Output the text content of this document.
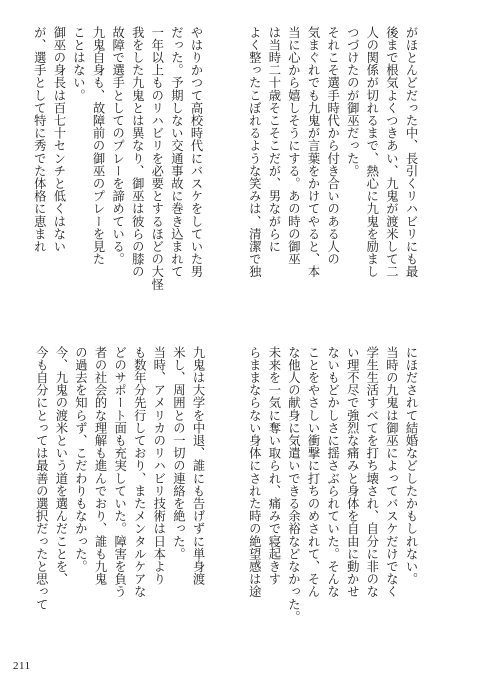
がほとんどだった中、長引くリハビリにも最
後まで根気よくつきあい、九鬼が渡米して二
人の関係が切れるまで、熱心に九鬼を励まし
つづけたのが御巫だった。
それこそ選手時代から付き合いのある人の
気まぐれでも九鬼が言葉をかけてやると、本
当に心から嬉しそうにする。あの時の御巫
は当時二十歳そこそこだが、男ながらに
よく整ったこぼれるような笑みは、清潔で独
やはりかつて高校時代にバスケをしていた男
だった。予期しない交通事故に巻き込まれて
一年以上ものリハビリを必要とするほどの大怪
我をした九鬼とは異なり、御巫は彼らの膝の
故障で選手としてのプレーを諦めている。
九鬼自身も、故障前の御巫のプレーを見た
ことはない。
御巫の身長は百七十センチと低くはない
が、選手として特に秀でた体格に恵まれ
にほだされて結婚などしたかもしれない。
当時の九鬼は御巫によってバスケだけでなく
学生生活すべてを打ち壊され、自分に非のな
い理不尽で強烈な痛みと身体を自由に動かせ
ないもどかしさに揺さぶられていた。そんな
ことをやさしい衝撃に打ちのめされて、そん
な他人の献身に気遣いできる余裕などなかった。
未来を一気に奪い取られ、痛みで寝起きす
らままならない身体にされた時の絶望感は途
九鬼は大学を中退、誰にも告げずに単身渡
米し、周囲との一切の連絡を絶った。
当時、アメリカのリハビリ技術は日本より
も数年分先行しており、またメンタルケアな
どのサポート面も充実していた。障害を負う
者の社会的な理解も進んでおり、誰も九鬼
の過去を知らず、こだわりもなかった。
今、九鬼の渡米という道を選んだことを、
今も自分にとっては最善の選択だったと思って
211
